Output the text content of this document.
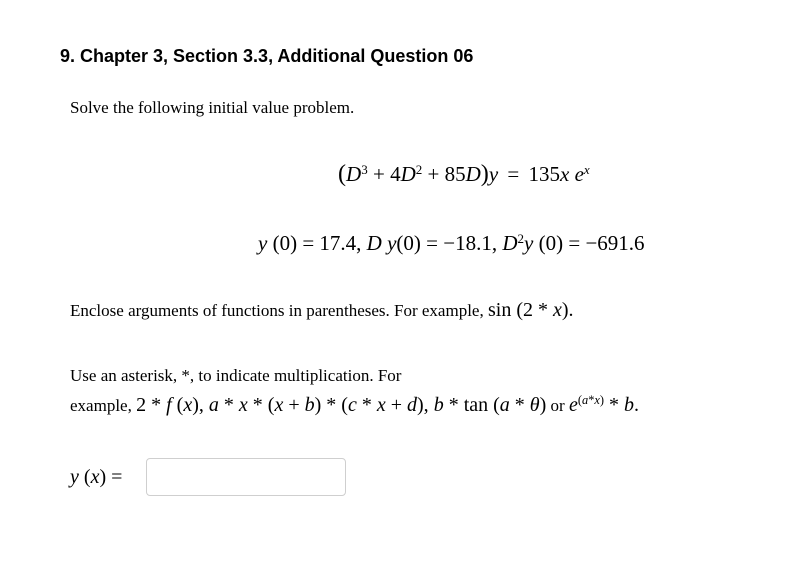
9. Chapter 3, Section 3.3, Additional Question 06
Solve the following initial value problem.
$(D^3 + 4D^2 + 85D)y = 135x$ $e^x$
y (0) = 17.4, D y(0) = −18.1, $D^2y$ (0) = −691.6
Enclose arguments of functions in parentheses. For example, sin (2 * x).
Use an asterisk, *, to indicate multiplication. For
example, 2 * f (x), a * x * (x + b) * (c * x + d), b * tan (a * θ) or $e^{(a*x)}$ * b.
y (x) =
